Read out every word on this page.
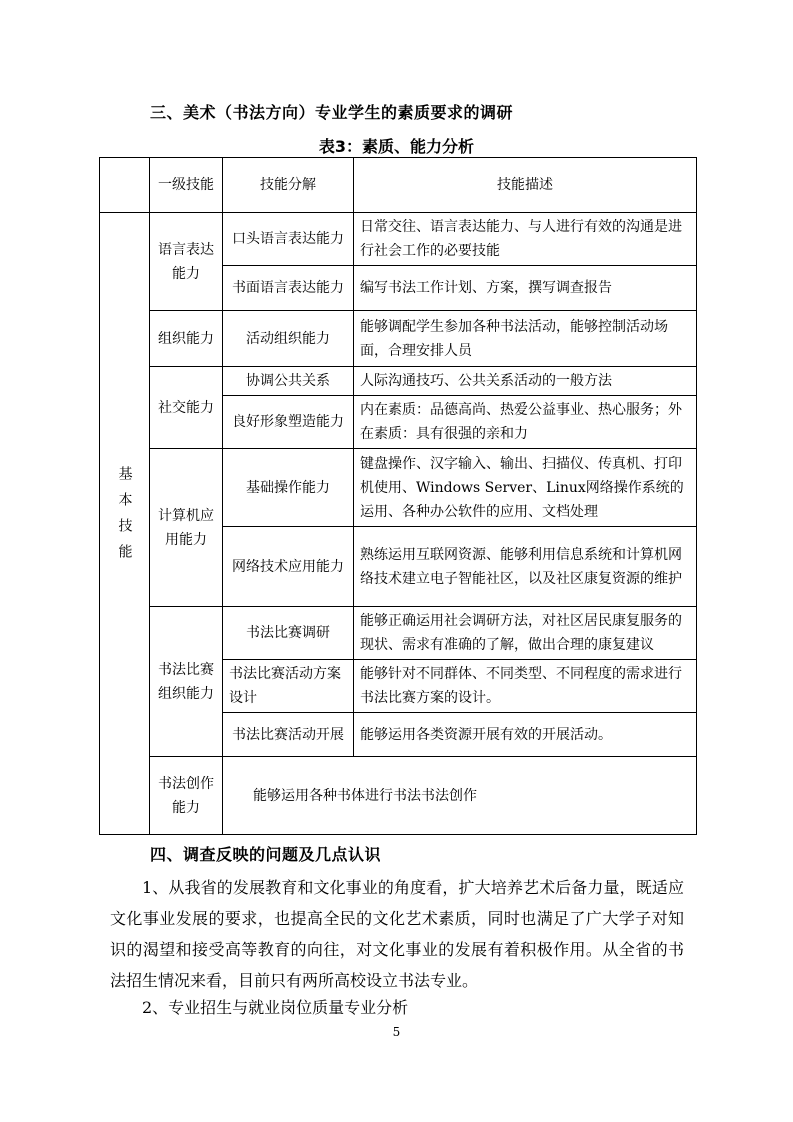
三、美术（书法方向）专业学生的素质要求的调研
表3：素质、能力分析
	一级技能	技能分解	技能描述
基本技能	语言表达能力	口头语言表达能力	日常交往、语言表达能力、与人进行有效的沟通是进行社会工作的必要技能
		书面语言表达能力	编写书法工作计划、方案，撰写调查报告
	组织能力	活动组织能力	能够调配学生参加各种书法活动，能够控制活动场面，合理安排人员
	社交能力	协调公共关系	人际沟通技巧、公共关系活动的一般方法
		良好形象塑造能力	内在素质：品德高尚、热爱公益事业、热心服务；外在素质：具有很强的亲和力
	计算机应用能力	基础操作能力	键盘操作、汉字输入、输出、扫描仪、传真机、打印机使用、Windows Server、Linux网络操作系统的运用、各种办公软件的应用、文档处理
		网络技术应用能力	熟练运用互联网资源、能够利用信息系统和计算机网络技术建立电子智能社区，以及社区康复资源的维护
	书法比赛组织能力	书法比赛调研	能够正确运用社会调研方法，对社区居民康复服务的现状、需求有准确的了解，做出合理的康复建议
		书法比赛活动方案设计	能够针对不同群体、不同类型、不同程度的需求进行书法比赛方案的设计。
		书法比赛活动开展	能够运用各类资源开展有效的开展活动。
	书法创作能力	能够运用各种书体进行书法书法创作	
四、调查反映的问题及几点认识
1、从我省的发展教育和文化事业的角度看，扩大培养艺术后备力量，既适应文化事业发展的要求，也提高全民的文化艺术素质，同时也满足了广大学子对知识的渴望和接受高等教育的向往，对文化事业的发展有着积极作用。从全省的书法招生情况来看，目前只有两所高校设立书法专业。
2、专业招生与就业岗位质量专业分析
5
